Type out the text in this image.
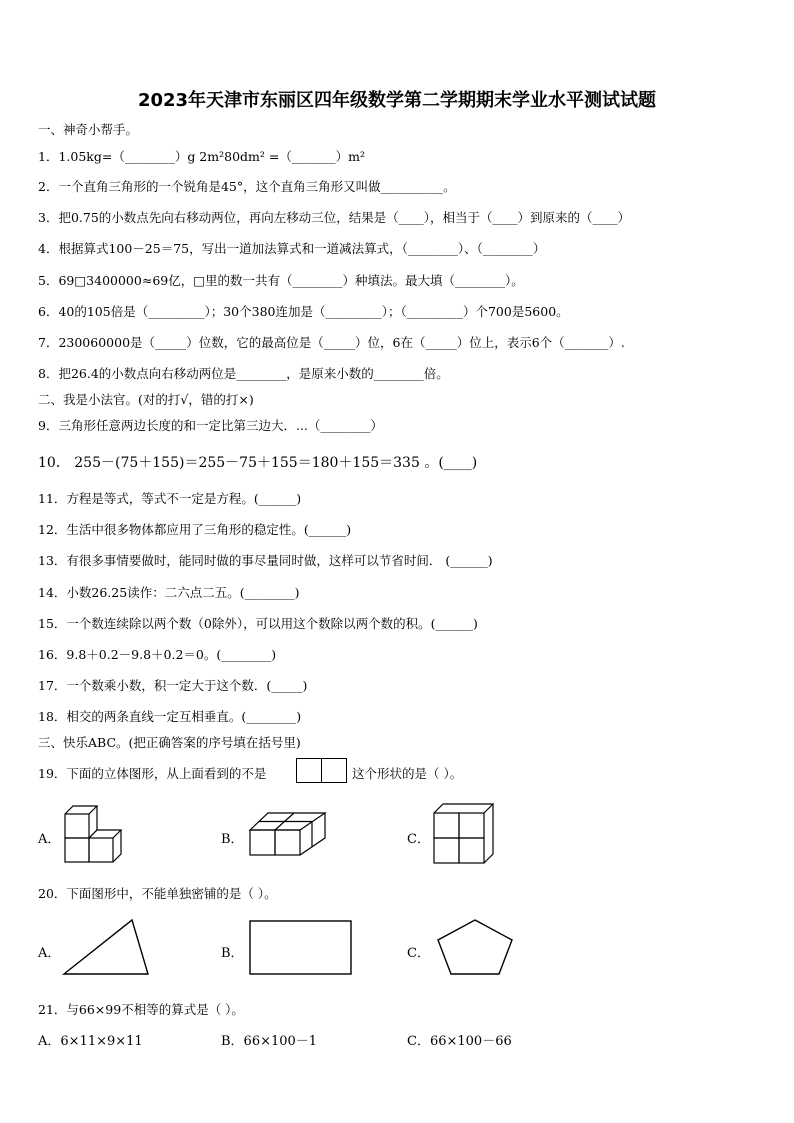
2023年天津市东丽区四年级数学第二学期期末学业水平测试试题
一、神奇小帮手。
1．1.05kg=（________）g 2m²80dm² =（_______）m²
2．一个直角三角形的一个锐角是45°，这个直角三角形又叫做__________。
3．把0.75的小数点先向右移动两位，再向左移动三位，结果是（____），相当于（____）到原来的（____）
4．根据算式100－25＝75，写出一道加法算式和一道减法算式，（________）、（________）
5．69□3400000≈69亿，□里的数一共有（________）种填法。最大填（________）。
6．40的105倍是（_________）；30个380连加是（_________）；（_________）个700是5600。
7．230060000是（_____）位数，它的最高位是（_____）位，6在（_____）位上，表示6个（_______）.
8．把26.4的小数点向右移动两位是________，是原来小数的________倍。
二、我是小法官。(对的打√，错的打×)
9．三角形任意两边长度的和一定比第三边大．...（________）
10． 255－(75＋155)＝255－75＋155＝180＋155＝335 。(____)
11．方程是等式，等式不一定是方程。(______)
12．生活中很多物体都应用了三角形的稳定性。(______)
13．有很多事情要做时，能同时做的事尽量同时做，这样可以节省时间． (______)
14．小数26.25读作：二六点二五。(________)
15．一个数连续除以两个数（0除外），可以用这个数除以两个数的积。(______)
16．9.8＋0.2－9.8＋0.2＝0。(________)
17．一个数乘小数，积一定大于这个数．(_____)
18．相交的两条直线一定互相垂直。(________)
三、快乐ABC。(把正确答案的序号填在括号里)
19．下面的立体图形，从上面看到的不是	这个形状的是（ ）。
A．	B．	C．
20．下面图形中，不能单独密铺的是（ ）。
A．	B．	C．
21．与66×99不相等的算式是（ ）。
A．6×11×9×11	B．66×100－1	C．66×100－66
